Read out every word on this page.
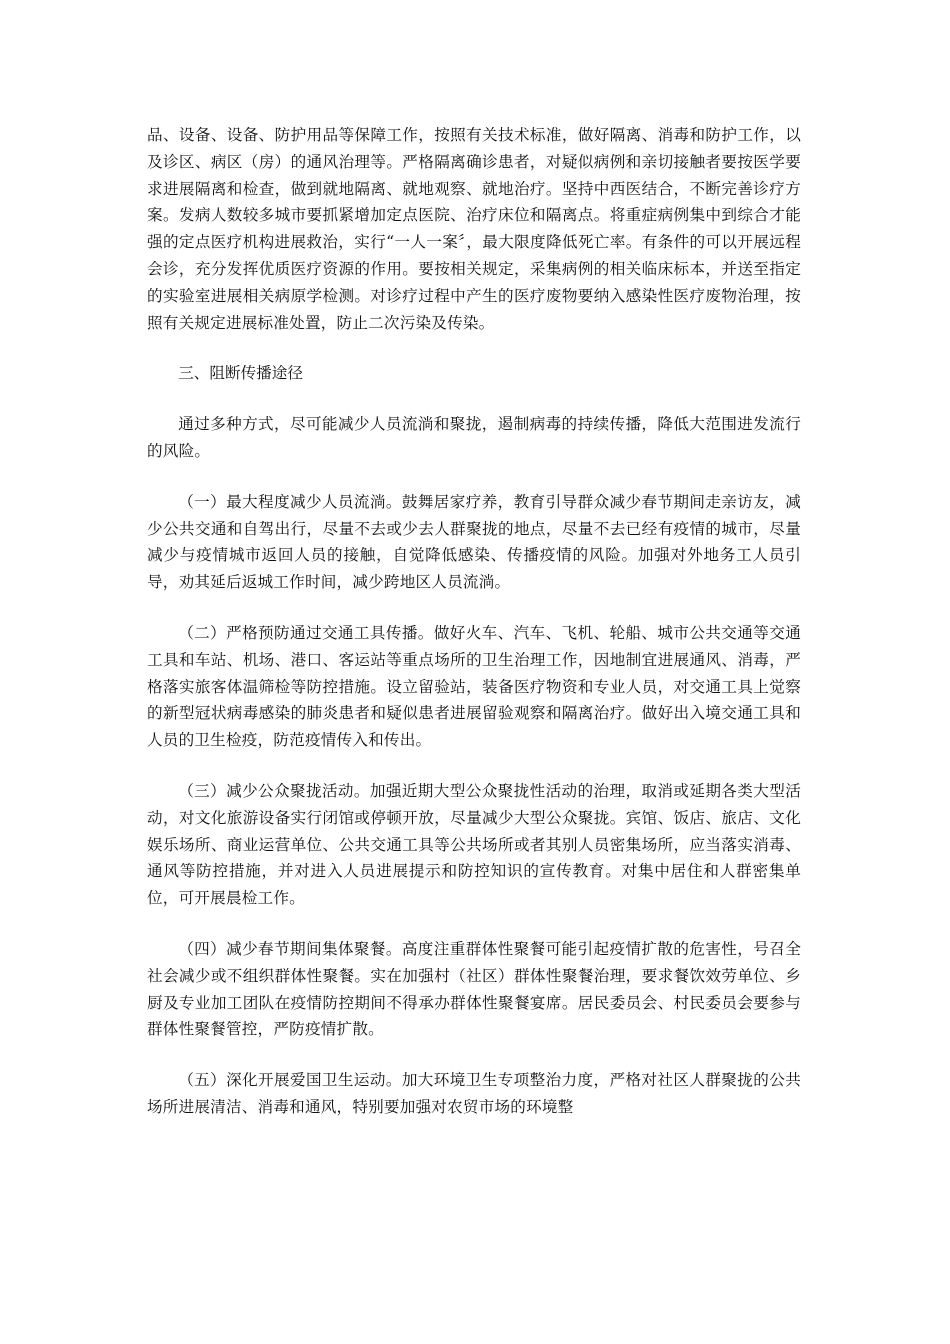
品、设备、设备、防护用品等保障工作，按照有关技术标准，做好隔离、消毒和防护工作，以及诊区、病区（房）的通风治理等。严格隔离确诊患者，对疑似病例和亲切接触者要按医学要求进展隔离和检查，做到就地隔离、就地观察、就地治疗。坚持中西医结合，不断完善诊疗方案。发病人数较多城市要抓紧增加定点医院、治疗床位和隔离点。将重症病例集中到综合才能强的定点医疗机构进展救治，实行“一人一案〞，最大限度降低死亡率。有条件的可以开展远程会诊，充分发挥优质医疗资源的作用。要按相关规定，采集病例的相关临床标本，并送至指定的实验室进展相关病原学检测。对诊疗过程中产生的医疗废物要纳入感染性医疗废物治理，按照有关规定进展标准处置，防止二次污染及传染。

三、阻断传播途径

通过多种方式，尽可能减少人员流淌和聚拢，遏制病毒的持续传播，降低大范围进发流行的风险。

（一）最大程度减少人员流淌。鼓舞居家疗养，教育引导群众减少春节期间走亲访友，减少公共交通和自驾出行，尽量不去或少去人群聚拢的地点，尽量不去已经有疫情的城市，尽量减少与疫情城市返回人员的接触，自觉降低感染、传播疫情的风险。加强对外地务工人员引导，劝其延后返城工作时间，减少跨地区人员流淌。

（二）严格预防通过交通工具传播。做好火车、汽车、飞机、轮船、城市公共交通等交通工具和车站、机场、港口、客运站等重点场所的卫生治理工作，因地制宜进展通风、消毒，严格落实旅客体温筛检等防控措施。设立留验站，装备医疗物资和专业人员，对交通工具上觉察的新型冠状病毒感染的肺炎患者和疑似患者进展留验观察和隔离治疗。做好出入境交通工具和人员的卫生检疫，防范疫情传入和传出。

（三）减少公众聚拢活动。加强近期大型公众聚拢性活动的治理，取消或延期各类大型活动，对文化旅游设备实行闭馆或停顿开放，尽量减少大型公众聚拢。宾馆、饭店、旅店、文化娱乐场所、商业运营单位、公共交通工具等公共场所或者其别人员密集场所，应当落实消毒、通风等防控措施，并对进入人员进展提示和防控知识的宣传教育。对集中居住和人群密集单位，可开展晨检工作。

（四）减少春节期间集体聚餐。高度注重群体性聚餐可能引起疫情扩散的危害性，号召全社会减少或不组织群体性聚餐。实在加强村（社区）群体性聚餐治理，要求餐饮效劳单位、乡厨及专业加工团队在疫情防控期间不得承办群体性聚餐宴席。居民委员会、村民委员会要参与群体性聚餐管控，严防疫情扩散。

（五）深化开展爱国卫生运动。加大环境卫生专项整治力度，严格对社区人群聚拢的公共场所进展清洁、消毒和通风，特别要加强对农贸市场的环境整
